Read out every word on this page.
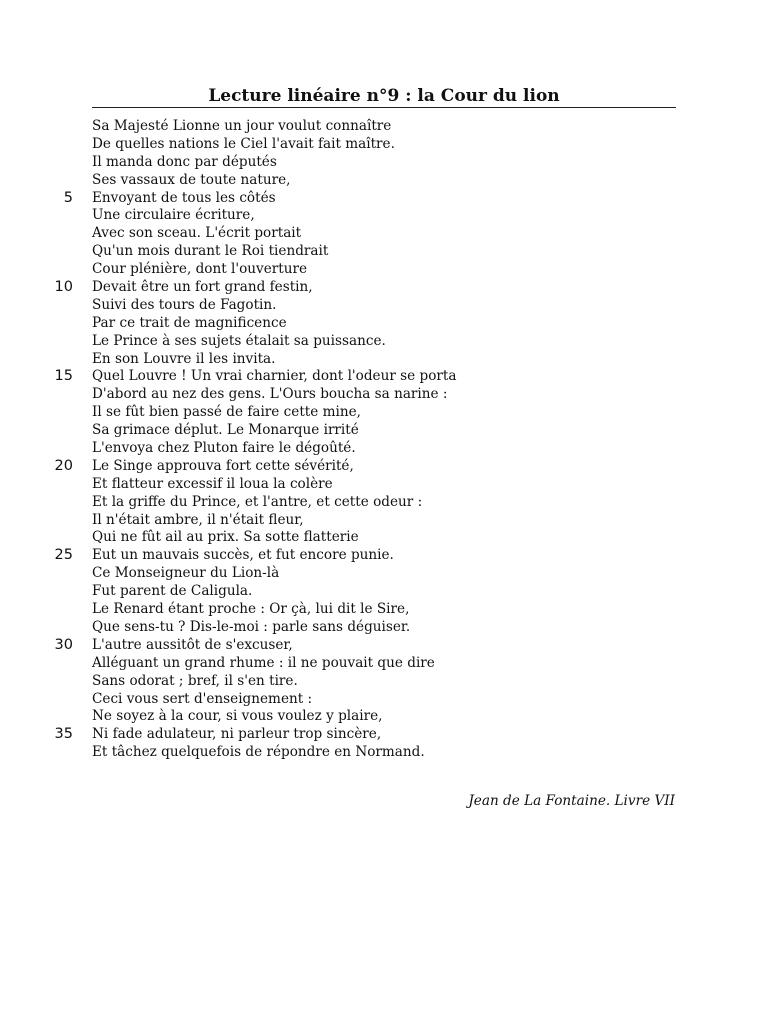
Lecture linéaire n°9 : la Cour du lion
Sa Majesté Lionne un jour voulut connaître
De quelles nations le Ciel l'avait fait maître.
Il manda donc par députés
Ses vassaux de toute nature,
5 Envoyant de tous les côtés
Une circulaire écriture,
Avec son sceau. L'écrit portait
Qu'un mois durant le Roi tiendrait
Cour plénière, dont l'ouverture
10 Devait être un fort grand festin,
Suivi des tours de Fagotin.
Par ce trait de magnificence
Le Prince à ses sujets étalait sa puissance.
En son Louvre il les invita.
15 Quel Louvre ! Un vrai charnier, dont l'odeur se porta
D'abord au nez des gens. L'Ours boucha sa narine :
Il se fût bien passé de faire cette mine,
Sa grimace déplut. Le Monarque irrité
L'envoya chez Pluton faire le dégoûté.
20 Le Singe approuva fort cette sévérité,
Et flatteur excessif il loua la colère
Et la griffe du Prince, et l'antre, et cette odeur :
Il n'était ambre, il n'était fleur,
Qui ne fût ail au prix. Sa sotte flatterie
25 Eut un mauvais succès, et fut encore punie.
Ce Monseigneur du Lion-là
Fut parent de Caligula.
Le Renard étant proche : Or çà, lui dit le Sire,
Que sens-tu ? Dis-le-moi : parle sans déguiser.
30 L'autre aussitôt de s'excuser,
Alléguant un grand rhume : il ne pouvait que dire
Sans odorat ; bref, il s'en tire.
Ceci vous sert d'enseignement :
Ne soyez à la cour, si vous voulez y plaire,
35 Ni fade adulateur, ni parleur trop sincère,
Et tâchez quelquefois de répondre en Normand.
Jean de La Fontaine. Livre VII
